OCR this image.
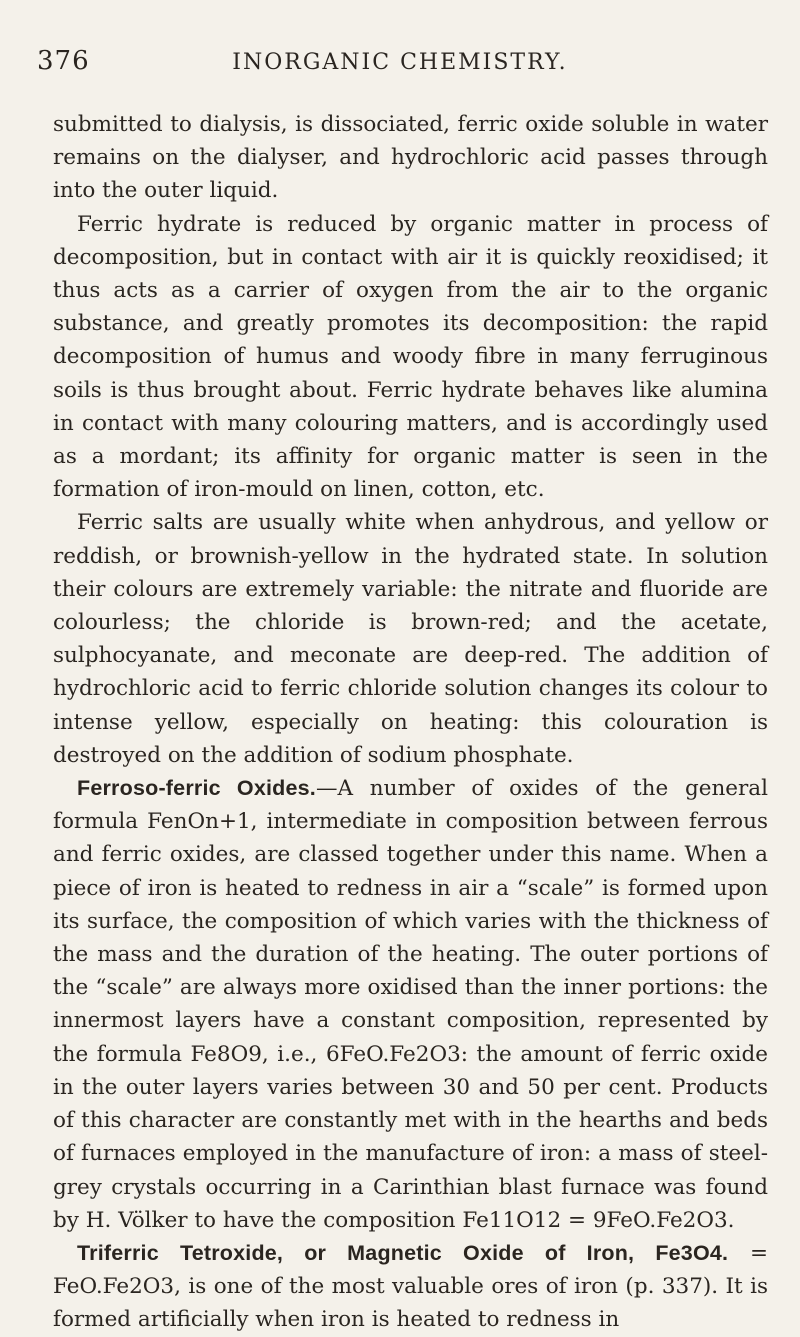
376	INORGANIC CHEMISTRY.

submitted to dialysis, is dissociated, ferric oxide soluble in water remains on the dialyser, and hydrochloric acid passes through into the outer liquid.

Ferric hydrate is reduced by organic matter in process of decomposition, but in contact with air it is quickly reoxidised; it thus acts as a carrier of oxygen from the air to the organic substance, and greatly promotes its decomposition: the rapid decomposition of humus and woody fibre in many ferruginous soils is thus brought about. Ferric hydrate behaves like alumina in contact with many colouring matters, and is accordingly used as a mordant; its affinity for organic matter is seen in the formation of iron-mould on linen, cotton, etc.

Ferric salts are usually white when anhydrous, and yellow or reddish, or brownish-yellow in the hydrated state. In solution their colours are extremely variable: the nitrate and fluoride are colourless; the chloride is brown-red; and the acetate, sulphocyanate, and meconate are deep-red. The addition of hydrochloric acid to ferric chloride solution changes its colour to intense yellow, especially on heating: this colouration is destroyed on the addition of sodium phosphate.

Ferroso-ferric Oxides.—A number of oxides of the general formula FenOn+1, intermediate in composition between ferrous and ferric oxides, are classed together under this name. When a piece of iron is heated to redness in air a “scale” is formed upon its surface, the composition of which varies with the thickness of the mass and the duration of the heating. The outer portions of the “scale” are always more oxidised than the inner portions: the innermost layers have a constant composition, represented by the formula Fe8O9, i.e., 6FeO.Fe2O3: the amount of ferric oxide in the outer layers varies between 30 and 50 per cent. Products of this character are constantly met with in the hearths and beds of furnaces employed in the manufacture of iron: a mass of steel-grey crystals occurring in a Carinthian blast furnace was found by H. Völker to have the composition Fe11O12 = 9FeO.Fe2O3.

Triferric Tetroxide, or Magnetic Oxide of Iron, Fe3O4. = FeO.Fe2O3, is one of the most valuable ores of iron (p. 337). It is formed artificially when iron is heated to redness in
